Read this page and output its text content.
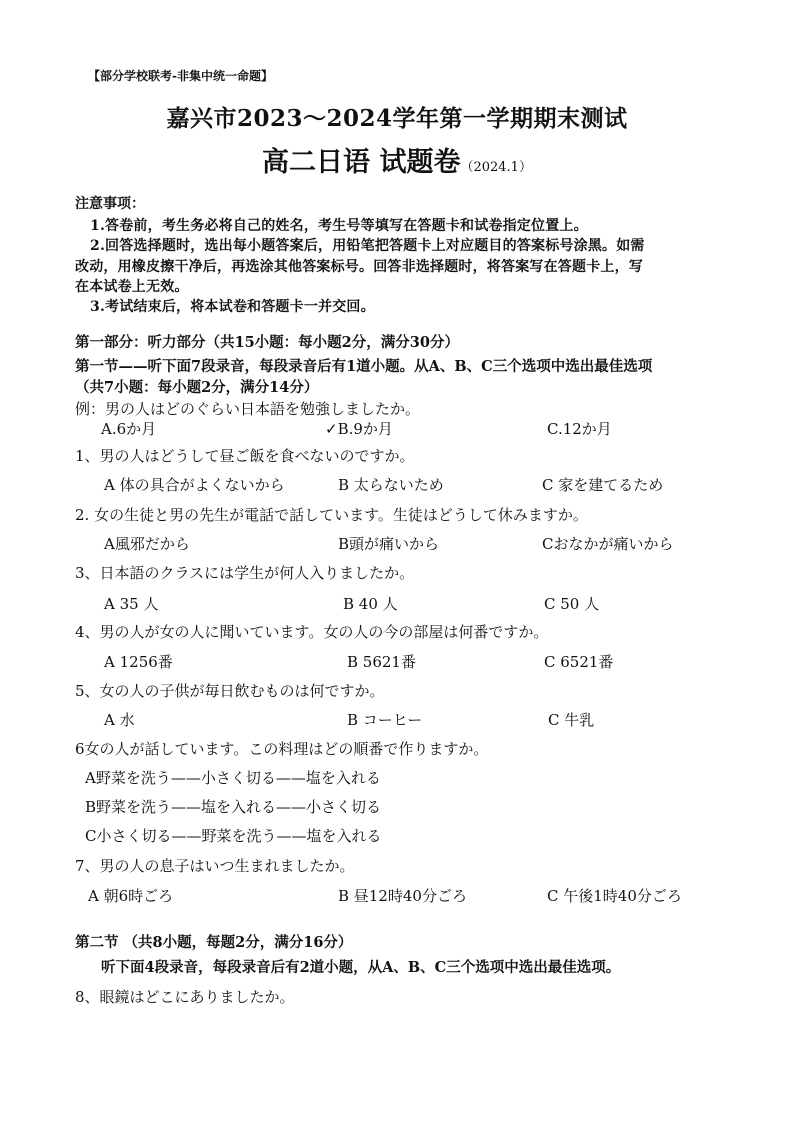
【部分学校联考-非集中统一命题】
嘉兴市2023～2024学年第一学期期末测试
高二日语 试题卷（2024.1）
注意事项：
1.答卷前，考生务必将自己的姓名，考生号等填写在答题卡和试卷指定位置上。
2.回答选择题时，选出每小题答案后，用铅笔把答题卡上对应题目的答案标号涂黑。如需
改动，用橡皮擦干净后，再选涂其他答案标号。回答非选择题时，将答案写在答题卡上，写
在本试卷上无效。
3.考试结束后，将本试卷和答题卡一并交回。
第一部分：听力部分（共15小题：每小题2分，满分30分）
第一节——听下面7段录音，每段录音后有1道小题。从A、B、C三个选项中选出最佳选项
（共7小题：每小题2分，满分14分）
例：男の人はどのぐらい日本語を勉強しましたか。
A.6か月	✓B.9か月	C.12か月
1、男の人はどうして昼ご飯を食べないのですか。
A 体の具合がよくないから	B 太らないため	C 家を建てるため
2. 女の生徒と男の先生が電話で話しています。生徒はどうして休みますか。
A風邪だから	B頭が痛いから	Cおなかが痛いから
3、日本語のクラスには学生が何人入りましたか。
A 35 人	B 40 人	C 50 人
4、男の人が女の人に聞いています。女の人の今の部屋は何番ですか。
A 1256番	B 5621番	C 6521番
5、女の人の子供が毎日飲むものは何ですか。
A 水	B コーヒー	C 牛乳
6女の人が話しています。この料理はどの順番で作りますか。
A野菜を洗う——小さく切る——塩を入れる
B野菜を洗う——塩を入れる——小さく切る
C小さく切る——野菜を洗う——塩を入れる
7、男の人の息子はいつ生まれましたか。
A 朝6時ごろ	B 昼12時40分ごろ	C 午後1時40分ごろ
第二节 （共8小题，每题2分，满分16分）
听下面4段录音，每段录音后有2道小题，从A、B、C三个选项中选出最佳选项。
8、眼鏡はどこにありましたか。
